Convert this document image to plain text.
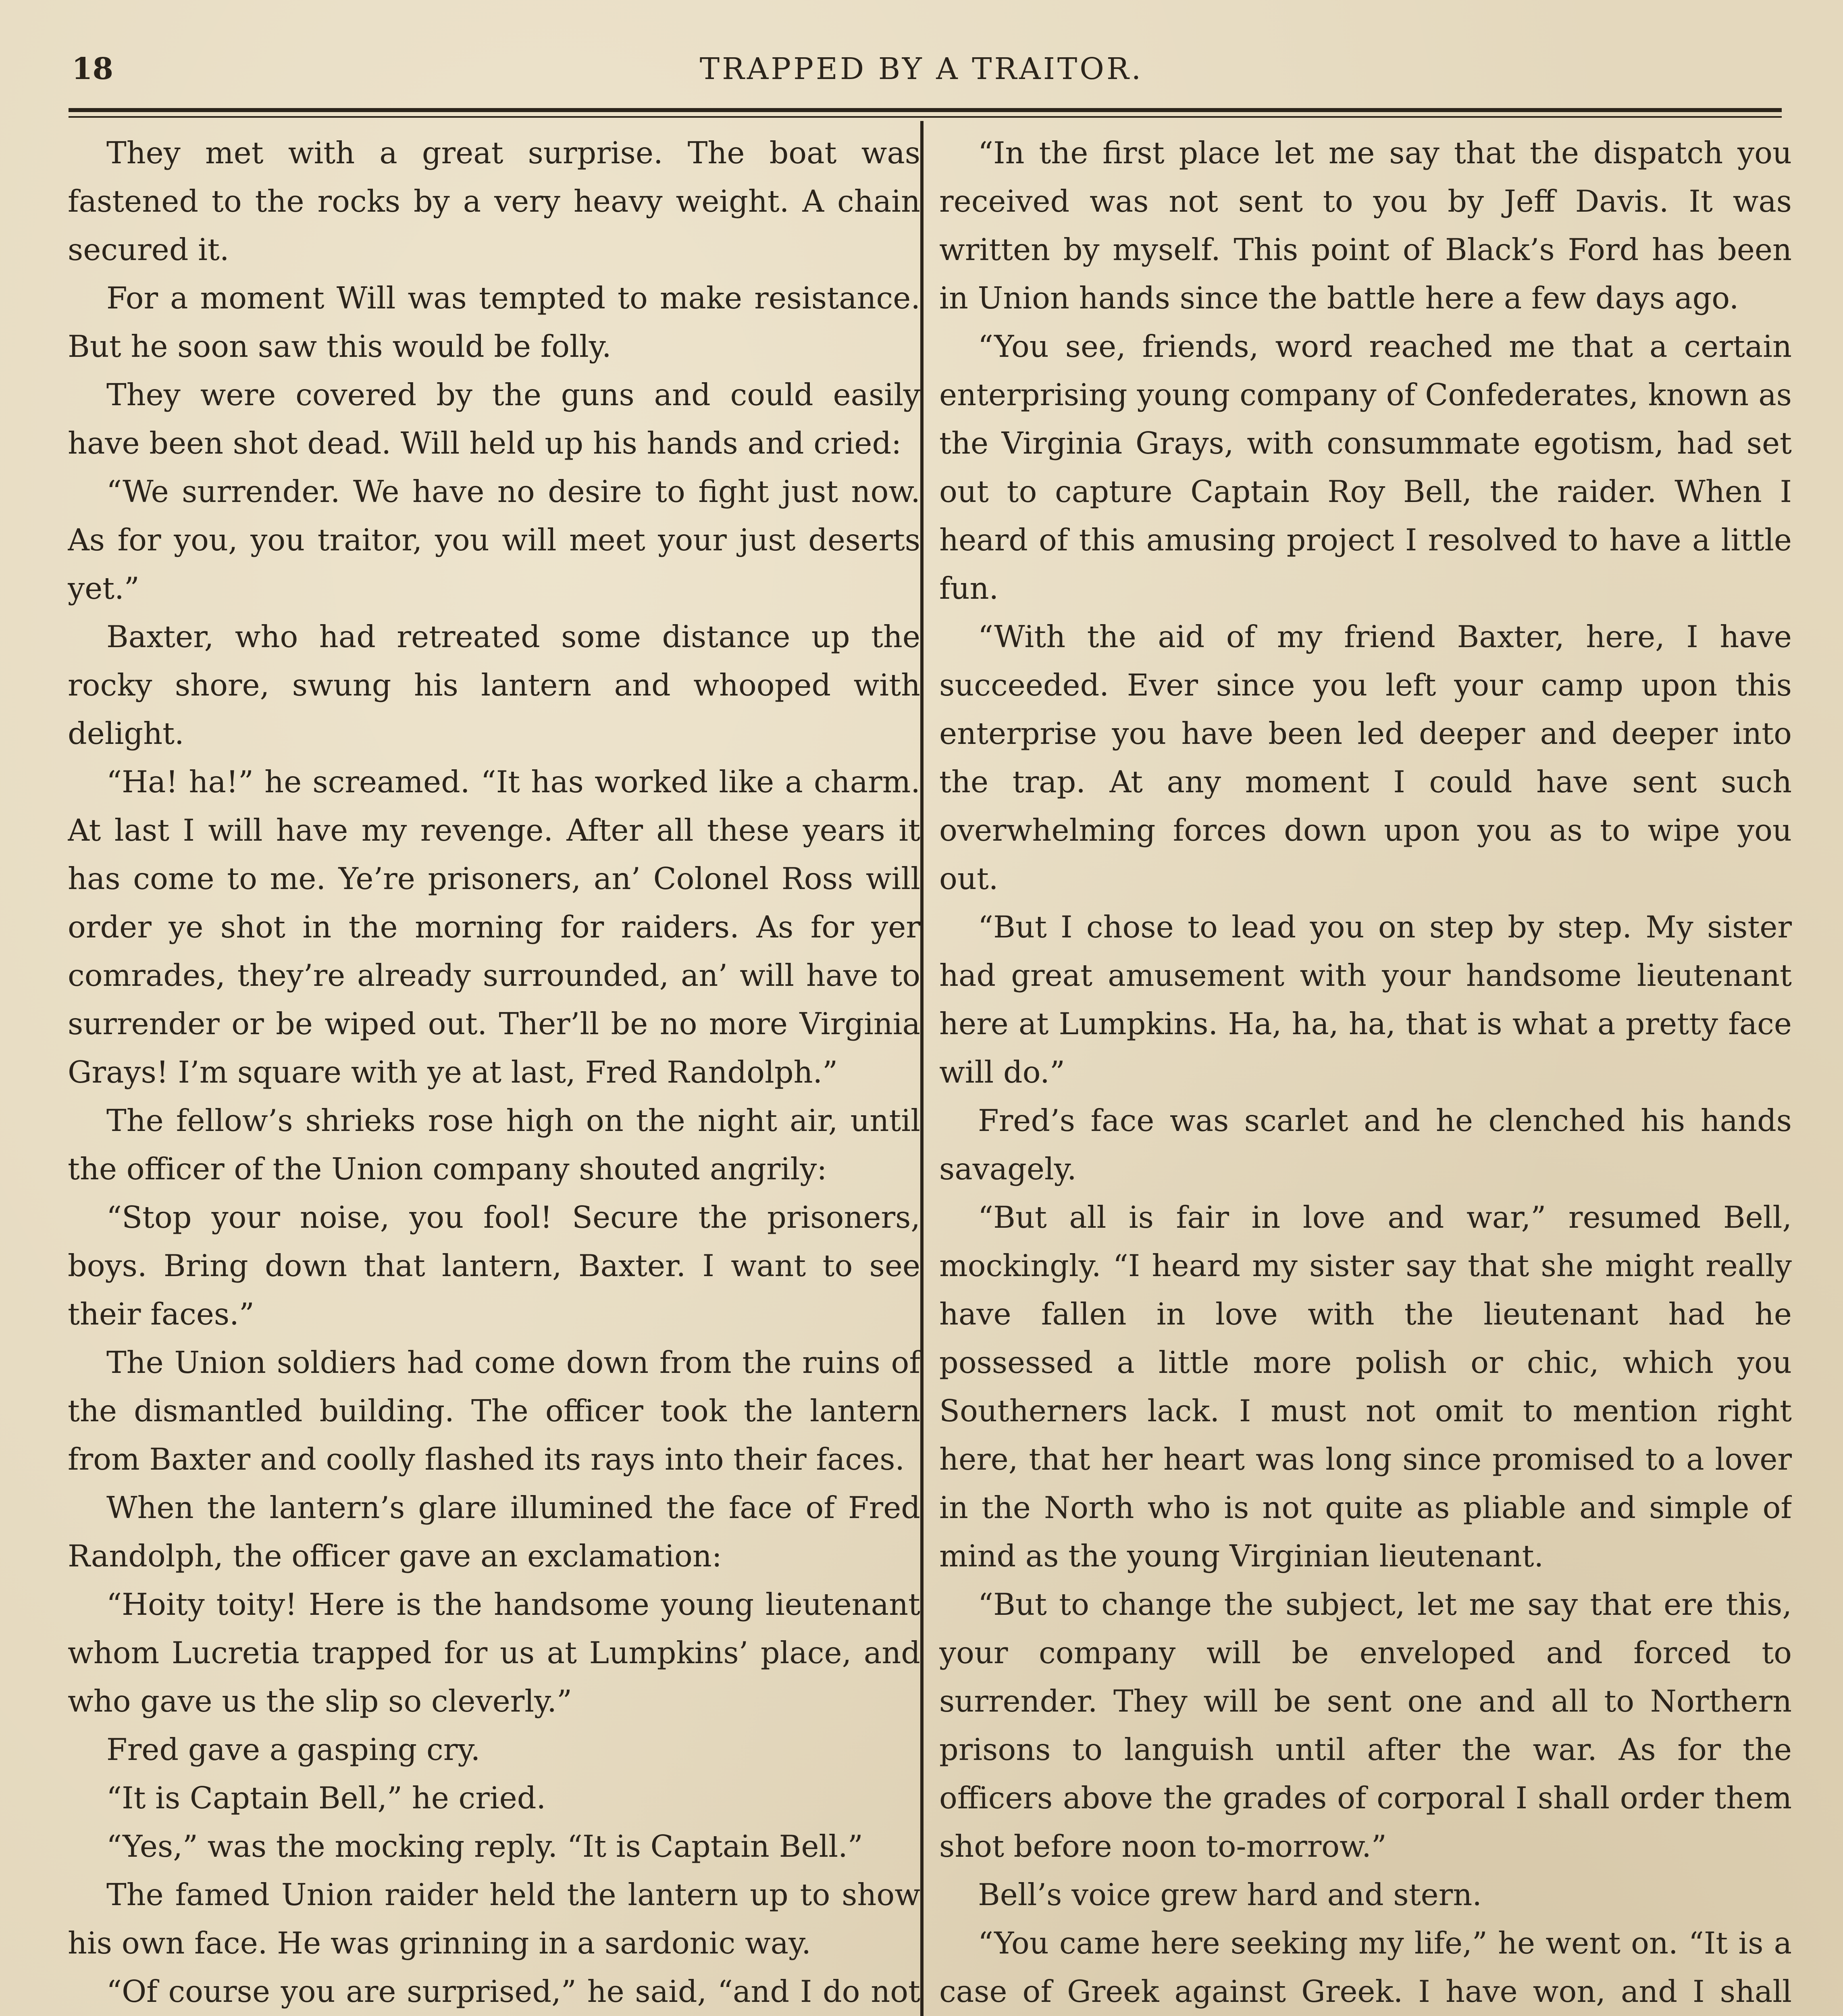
18	TRAPPED BY A TRAITOR.

They met with a great surprise. The boat was fastened to the rocks by a very heavy weight. A chain secured it.

For a moment Will was tempted to make resistance. But he soon saw this would be folly.

They were covered by the guns and could easily have been shot dead. Will held up his hands and cried:

“We surrender. We have no desire to fight just now. As for you, you traitor, you will meet your just deserts yet.”

Baxter, who had retreated some distance up the rocky shore, swung his lantern and whooped with delight.

“Ha! ha!” he screamed. “It has worked like a charm. At last I will have my revenge. After all these years it has come to me. Ye’re prisoners, an’ Colonel Ross will order ye shot in the morning for raiders. As for yer comrades, they’re already surrounded, an’ will have to surrender or be wiped out. Ther’ll be no more Virginia Grays! I’m square with ye at last, Fred Randolph.”

The fellow’s shrieks rose high on the night air, until the officer of the Union company shouted angrily:

“Stop your noise, you fool! Secure the prisoners, boys. Bring down that lantern, Baxter. I want to see their faces.”

The Union soldiers had come down from the ruins of the dismantled building. The officer took the lantern from Baxter and coolly flashed its rays into their faces.

When the lantern’s glare illumined the face of Fred Randolph, the officer gave an exclamation:

“Hoity toity! Here is the handsome young lieutenant whom Lucretia trapped for us at Lumpkins’ place, and who gave us the slip so cleverly.”

Fred gave a gasping cry.

“It is Captain Bell,” he cried.

“Yes,” was the mocking reply. “It is Captain Bell.”

The famed Union raider held the lantern up to show his own face. He was grinning in a sardonic way.

“Of course you are surprised,” he said, “and I do not

“In the first place let me say that the dispatch you received was not sent to you by Jeff Davis. It was written by myself. This point of Black’s Ford has been in Union hands since the battle here a few days ago.

“You see, friends, word reached me that a certain enterprising young company of Confederates, known as the Virginia Grays, with consummate egotism, had set out to capture Captain Roy Bell, the raider. When I heard of this amusing project I resolved to have a little fun.

“With the aid of my friend Baxter, here, I have succeeded. Ever since you left your camp upon this enterprise you have been led deeper and deeper into the trap. At any moment I could have sent such overwhelming forces down upon you as to wipe you out.

“But I chose to lead you on step by step. My sister had great amusement with your handsome lieutenant here at Lumpkins. Ha, ha, ha, that is what a pretty face will do.”

Fred’s face was scarlet and he clenched his hands savagely.

“But all is fair in love and war,” resumed Bell, mockingly. “I heard my sister say that she might really have fallen in love with the lieutenant had he possessed a little more polish or chic, which you Southerners lack. I must not omit to mention right here, that her heart was long since promised to a lover in the North who is not quite as pliable and simple of mind as the young Virginian lieutenant.

“But to change the subject, let me say that ere this, your company will be enveloped and forced to surrender. They will be sent one and all to Northern prisons to languish until after the war. As for the officers above the grades of corporal I shall order them shot before noon to-morrow.”

Bell’s voice grew hard and stern.

“You came here seeking my life,” he went on. “It is a case of Greek against Greek. I have won, and I shall
